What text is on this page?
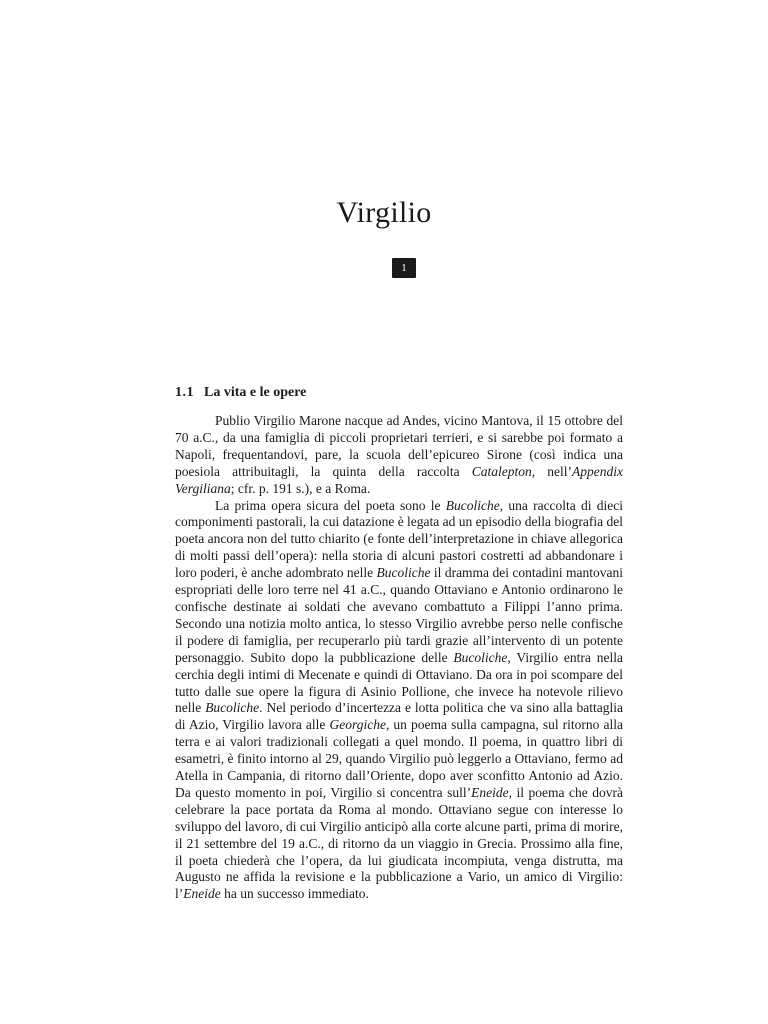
Virgilio
1
1.1 La vita e le opere

Publio Virgilio Marone nacque ad Andes, vicino Mantova, il 15 ottobre del 70 a.C., da una famiglia di piccoli proprietari terrieri, e si sarebbe poi formato a Napoli, frequentandovi, pare, la scuola dell’epicureo Sirone (così indica una poesiola attribuitagli, la quinta della raccolta Catalepton, nell’Appendix Vergiliana; cfr. p. 191 s.), e a Roma.

La prima opera sicura del poeta sono le Bucoliche, una raccolta di dieci componimenti pastorali, la cui datazione è legata ad un episodio della biografia del poeta ancora non del tutto chiarito (e fonte dell’interpretazione in chiave allegorica di molti passi dell’opera): nella storia di alcuni pastori costretti ad abbandonare i loro poderi, è anche adombrato nelle Bucoliche il dramma dei contadini mantovani espropriati delle loro terre nel 41 a.C., quando Ottaviano e Antonio ordinarono le confische destinate ai soldati che avevano combattuto a Filippi l’anno prima. Secondo una notizia molto antica, lo stesso Virgilio avrebbe perso nelle confische il podere di famiglia, per recuperarlo più tardi grazie all’intervento di un potente personaggio. Subito dopo la pubblicazione delle Bucoliche, Virgilio entra nella cerchia degli intimi di Mecenate e quindi di Ottaviano. Da ora in poi scompare del tutto dalle sue opere la figura di Asinio Pollione, che invece ha notevole rilievo nelle Bucoliche. Nel periodo d’incertezza e lotta politica che va sino alla battaglia di Azio, Virgilio lavora alle Georgiche, un poema sulla campagna, sul ritorno alla terra e ai valori tradizionali collegati a quel mondo. Il poema, in quattro libri di esametri, è finito intorno al 29, quando Virgilio può leggerlo a Ottaviano, fermo ad Atella in Campania, di ritorno dall’Oriente, dopo aver sconfitto Antonio ad Azio. Da questo momento in poi, Virgilio si concentra sull’Eneide, il poema che dovrà celebrare la pace portata da Roma al mondo. Ottaviano segue con interesse lo sviluppo del lavoro, di cui Virgilio anticipò alla corte alcune parti, prima di morire, il 21 settembre del 19 a.C., di ritorno da un viaggio in Grecia. Prossimo alla fine, il poeta chiederà che l’opera, da lui giudicata incompiuta, venga distrutta, ma Augusto ne affida la revisione e la pubblicazione a Vario, un amico di Virgilio: l’Eneide ha un successo immediato.
